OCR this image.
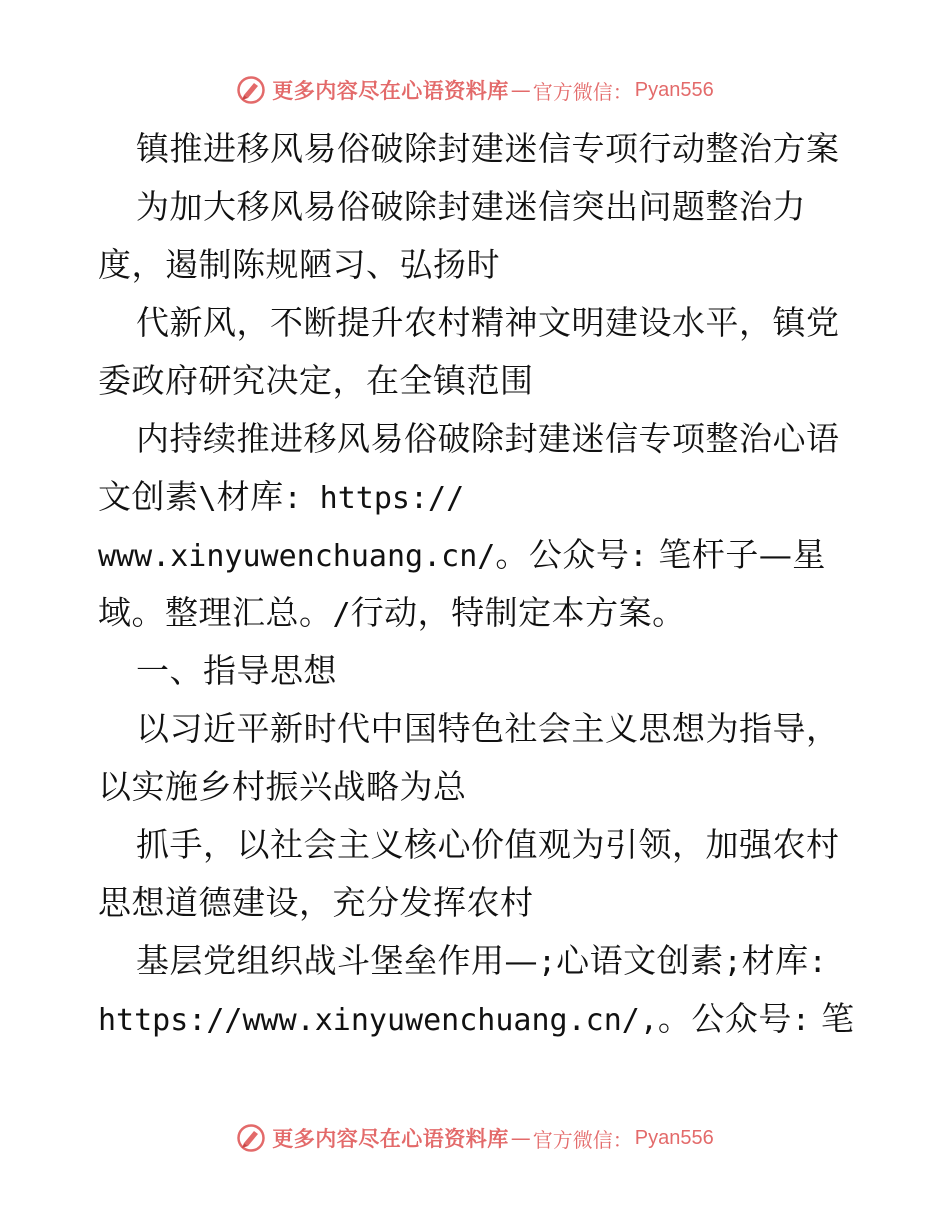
更多内容尽在心语资料库 — 官方微信： Pyan556
镇推进移风易俗破除封建迷信专项行动整治方案
为加大移风易俗破除封建迷信突出问题整治力
度，遏制陈规陋习、弘扬时
代新风，不断提升农村精神文明建设水平，镇党
委政府研究决定，在全镇范围
内持续推进移风易俗破除封建迷信专项整治心语
文创素\材库: https://
www.xinyuwenchuang.cn/。公众号: 笔杆子—星
域。整理汇总。/行动，特制定本方案。
一、指导思想
以习近平新时代中国特色社会主义思想为指导，
以实施乡村振兴战略为总
抓手，以社会主义核心价值观为引领，加强农村
思想道德建设，充分发挥农村
基层党组织战斗堡垒作用—;心语文创素;材库:
https://www.xinyuwenchuang.cn/,。公众号: 笔
更多内容尽在心语资料库 — 官方微信： Pyan556
